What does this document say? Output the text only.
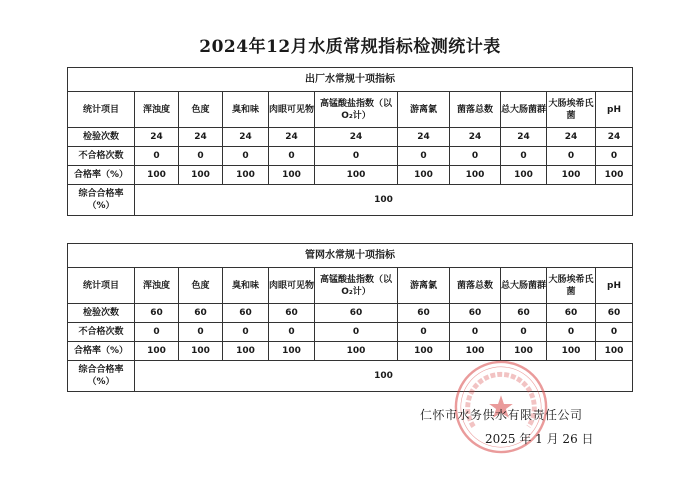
2024年12月水质常规指标检测统计表
出厂水常规十项指标										
统计项目	浑浊度	色度	臭和味	肉眼可见物	高锰酸盐指数（以O₂计）	游离氯	菌落总数	总大肠菌群	大肠埃希氏菌	pH
检验次数	24	24	24	24	24	24	24	24	24	24
不合格次数	0	0	0	0	0	0	0	0	0	0
合格率（%）	100	100	100	100	100	100	100	100	100	100
综合合格率（%）	100									
管网水常规十项指标										
统计项目	浑浊度	色度	臭和味	肉眼可见物	高锰酸盐指数（以O₂计）	游离氯	菌落总数	总大肠菌群	大肠埃希氏菌	pH
检验次数	60	60	60	60	60	60	60	60	60	60
不合格次数	0	0	0	0	0	0	0	0	0	0
合格率（%）	100	100	100	100	100	100	100	100	100	100
综合合格率（%）	100									
仁怀市水务供水有限责任公司
2025 年 1 月 26 日
